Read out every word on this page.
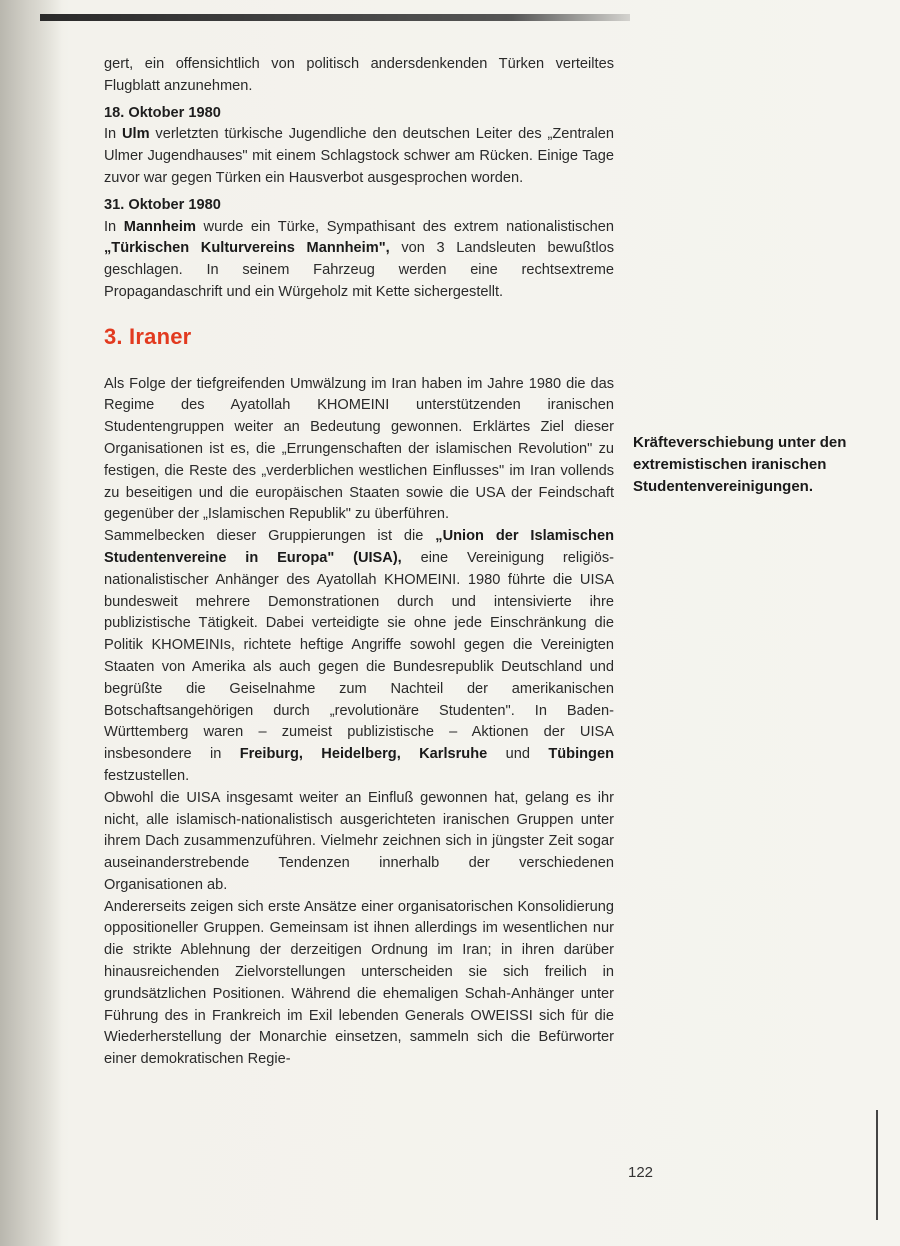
gert, ein offensichtlich von politisch andersdenkenden Türken verteiltes Flugblatt anzunehmen.

18. Oktober 1980

In Ulm verletzten türkische Jugendliche den deutschen Leiter des „Zentralen Ulmer Jugendhauses" mit einem Schlagstock schwer am Rücken. Einige Tage zuvor war gegen Türken ein Hausverbot ausgesprochen worden.

31. Oktober 1980

In Mannheim wurde ein Türke, Sympathisant des extrem nationalistischen „Türkischen Kulturvereins Mannheim", von 3 Landsleuten bewußtlos geschlagen. In seinem Fahrzeug werden eine rechtsextreme Propagandaschrift und ein Würgeholz mit Kette sichergestellt.

3. Iraner

Als Folge der tiefgreifenden Umwälzung im Iran haben im Jahre 1980 die das Regime des Ayatollah KHOMEINI unterstützenden iranischen Studentengruppen weiter an Bedeutung gewonnen. Erklärtes Ziel dieser Organisationen ist es, die „Errungenschaften der islamischen Revolution" zu festigen, die Reste des „verderblichen westlichen Einflusses" im Iran vollends zu beseitigen und die europäischen Staaten sowie die USA der Feindschaft gegenüber der „Islamischen Republik" zu überführen.

Sammelbecken dieser Gruppierungen ist die „Union der Islamischen Studentenvereine in Europa" (UISA), eine Vereinigung religiös-nationalistischer Anhänger des Ayatollah KHOMEINI. 1980 führte die UISA bundesweit mehrere Demonstrationen durch und intensivierte ihre publizistische Tätigkeit. Dabei verteidigte sie ohne jede Einschränkung die Politik KHOMEINIs, richtete heftige Angriffe sowohl gegen die Vereinigten Staaten von Amerika als auch gegen die Bundesrepublik Deutschland und begrüßte die Geiselnahme zum Nachteil der amerikanischen Botschaftsangehörigen durch „revolutionäre Studenten". In Baden-Württemberg waren – zumeist publizistische – Aktionen der UISA insbesondere in Freiburg, Heidelberg, Karlsruhe und Tübingen festzustellen.

Obwohl die UISA insgesamt weiter an Einfluß gewonnen hat, gelang es ihr nicht, alle islamisch-nationalistisch ausgerichteten iranischen Gruppen unter ihrem Dach zusammenzuführen. Vielmehr zeichnen sich in jüngster Zeit sogar auseinanderstrebende Tendenzen innerhalb der verschiedenen Organisationen ab.

Andererseits zeigen sich erste Ansätze einer organisatorischen Konsolidierung oppositioneller Gruppen. Gemeinsam ist ihnen allerdings im wesentlichen nur die strikte Ablehnung der derzeitigen Ordnung im Iran; in ihren darüber hinausreichenden Zielvorstellungen unterscheiden sie sich freilich in grundsätzlichen Positionen. Während die ehemaligen Schah-Anhänger unter Führung des in Frankreich im Exil lebenden Generals OWEISSI sich für die Wiederherstellung der Monarchie einsetzen, sammeln sich die Befürworter einer demokratischen Regie-

Kräfteverschiebung unter den extremistischen iranischen Studentenvereinigungen.
122
